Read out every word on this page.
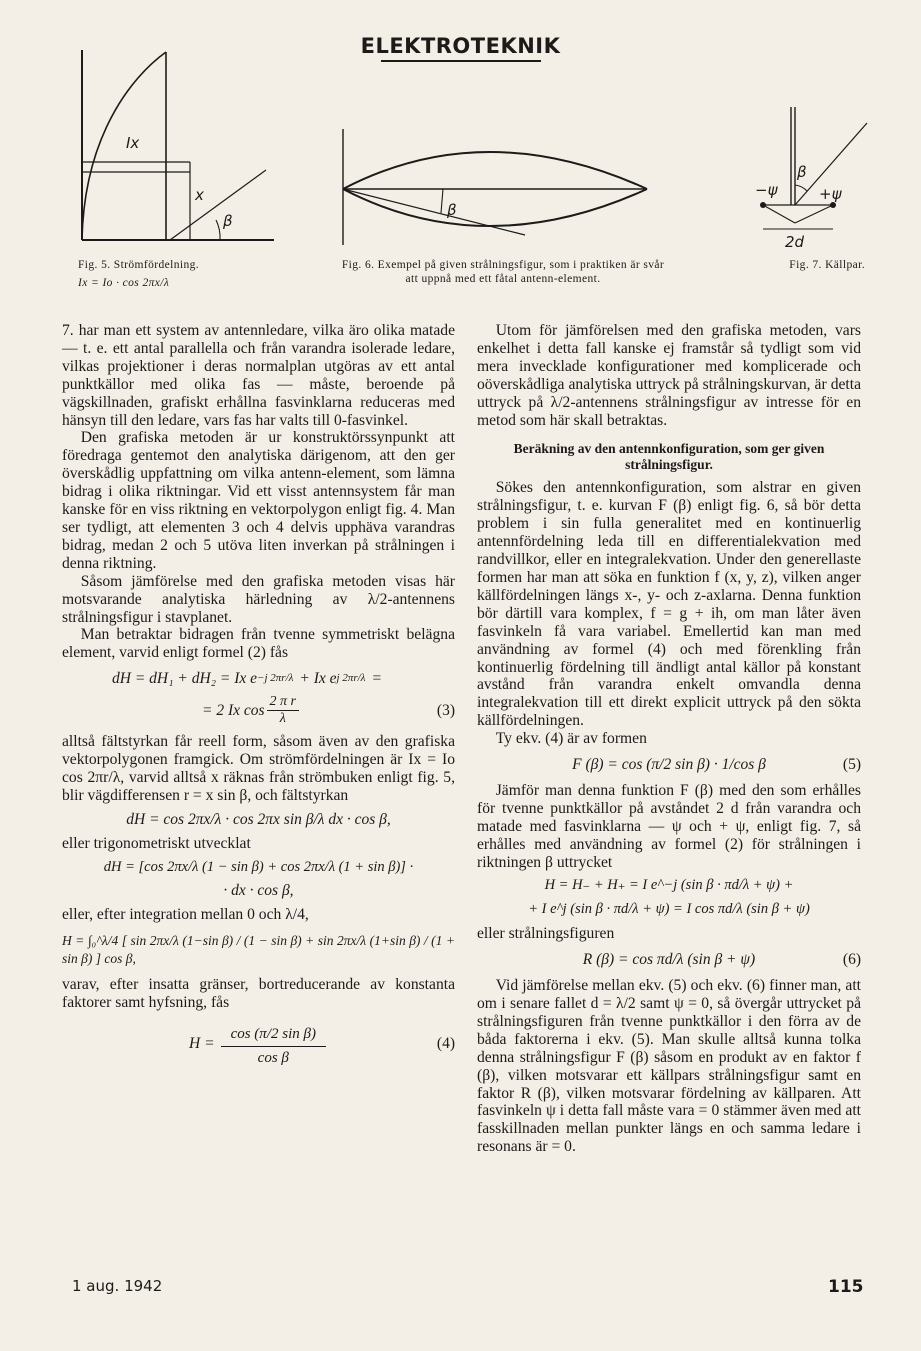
ELEKTROTEKNIK
Ix
x
β
β
β
−ψ	+ψ
2d
Fig. 5. Strömfördelning.
Ix = Io · cos 2πx/λ
Fig. 6. Exempel på given strålningsfigur, som i praktiken är svår att uppnå med ett fåtal antenn-element.
Fig. 7. Källpar.

7. har man ett system av antennledare, vilka äro olika matade — t. e. ett antal parallella och från varandra isolerade ledare, vilkas projektioner i deras normalplan utgöras av ett antal punktkällor med olika fas — måste, beroende på vägskillnaden, grafiskt erhållna fasvinklarna reduceras med hänsyn till den ledare, vars fas har valts till 0-fasvinkel.

Den grafiska metoden är ur konstruktörssynpunkt att föredraga gentemot den analytiska därigenom, att den ger överskådlig uppfattning om vilka antenn-element, som lämna bidrag i olika riktningar. Vid ett visst antennsystem får man kanske för en viss riktning en vektorpolygon enligt fig. 4. Man ser tydligt, att elementen 3 och 4 delvis upphäva varandras bidrag, medan 2 och 5 utöva liten inverkan på strålningen i denna riktning.

Såsom jämförelse med den grafiska metoden visas här motsvarande analytiska härledning av λ/2-antennens strålningsfigur i stavplanet.

Man betraktar bidragen från tvenne symmetriskt belägna element, varvid enligt formel (2) fås

dH = dH₁ + dH₂ = Ix e −j 2πr/λ + Ix e j 2πr/λ =
= 2 Ix $\cos \frac{\text{2 π r}}{\lambda}$	(3)

alltså fältstyrkan får reell form, såsom även av den grafiska vektorpolygonen framgick. Om strömfördelningen är Ix = Io cos 2πr/λ, varvid alltså x räknas från strömbuken enligt fig. 5, blir vägdifferensen r = x sin β, och fältstyrkan

dH = cos 2πx/λ · cos 2πx sin β/λ dx · cos β,

eller trigonometriskt utvecklat

dH = [cos 2πx/λ (1 − sin β) + cos 2πx/λ (1 + sin β)] ·
· dx · cos β,

eller, efter integration mellan 0 och λ/4,

H = ∫₀^λ/4 [ sin 2πx/λ (1−sin β) / (1 − sin β) + sin 2πx/λ (1+sin β) / (1 + sin β) ] cos β,

varav, efter insatta gränser, bortreducerande av konstanta faktorer samt hyfsning, fås

$H = \frac{\text{cos (π/2 sin β)}}{\text{cos β}}$	(4)

Utom för jämförelsen med den grafiska metoden, vars enkelhet i detta fall kanske ej framstår så tydligt som vid mera invecklade konfigurationer med komplicerade och oöverskådliga analytiska uttryck på strålningskurvan, är detta uttryck på λ/2-antennens strålningsfigur av intresse för en metod som här skall betraktas.

Beräkning av den antennkonfiguration, som ger given strålningsfigur.

Sökes den antennkonfiguration, som alstrar en given strålningsfigur, t. e. kurvan F (β) enligt fig. 6, så bör detta problem i sin fulla generalitet med en kontinuerlig antennfördelning leda till en differentialekvation med randvillkor, eller en integralekvation. Under den generellaste formen har man att söka en funktion f (x, y, z), vilken anger källfördelningen längs x-, y- och z-axlarna. Denna funktion bör därtill vara komplex, f = g + ih, om man låter även fasvinkeln få vara variabel. Emellertid kan man med användning av formel (4) och med förenkling från kontinuerlig fördelning till ändligt antal källor på konstant avstånd från varandra enkelt omvandla denna integralekvation till ett direkt explicit uttryck på den sökta källfördelningen.

Ty ekv. (4) är av formen

F (β) = cos (π/2 sin β) · 1/cos β	(5)

Jämför man denna funktion F (β) med den som erhålles för tvenne punktkällor på avståndet 2 d från varandra och matade med fasvinklarna — ψ och + ψ, enligt fig. 7, så erhålles med användning av formel (2) för strålningen i riktningen β uttrycket

H = H₋ + H₊ = I e^−j (sin β · πd/λ + ψ) +
+ I e^j (sin β · πd/λ + ψ) = I cos πd/λ (sin β + ψ)

eller strålningsfiguren

R (β) = cos πd/λ (sin β + ψ)	(6)

Vid jämförelse mellan ekv. (5) och ekv. (6) finner man, att om i senare fallet d = λ/2 samt ψ = 0, så övergår uttrycket på strålningsfiguren från tvenne punktkällor i den förra av de båda faktorerna i ekv. (5). Man skulle alltså kunna tolka denna strålningsfigur F (β) såsom en produkt av en faktor f (β), vilken motsvarar ett källpars strålningsfigur samt en faktor R (β), vilken motsvarar fördelning av källparen. Att fasvinkeln ψ i detta fall måste vara = 0 stämmer även med att fasskillnaden mellan punkter längs en och samma ledare i resonans är = 0.

1 aug. 1942	115
